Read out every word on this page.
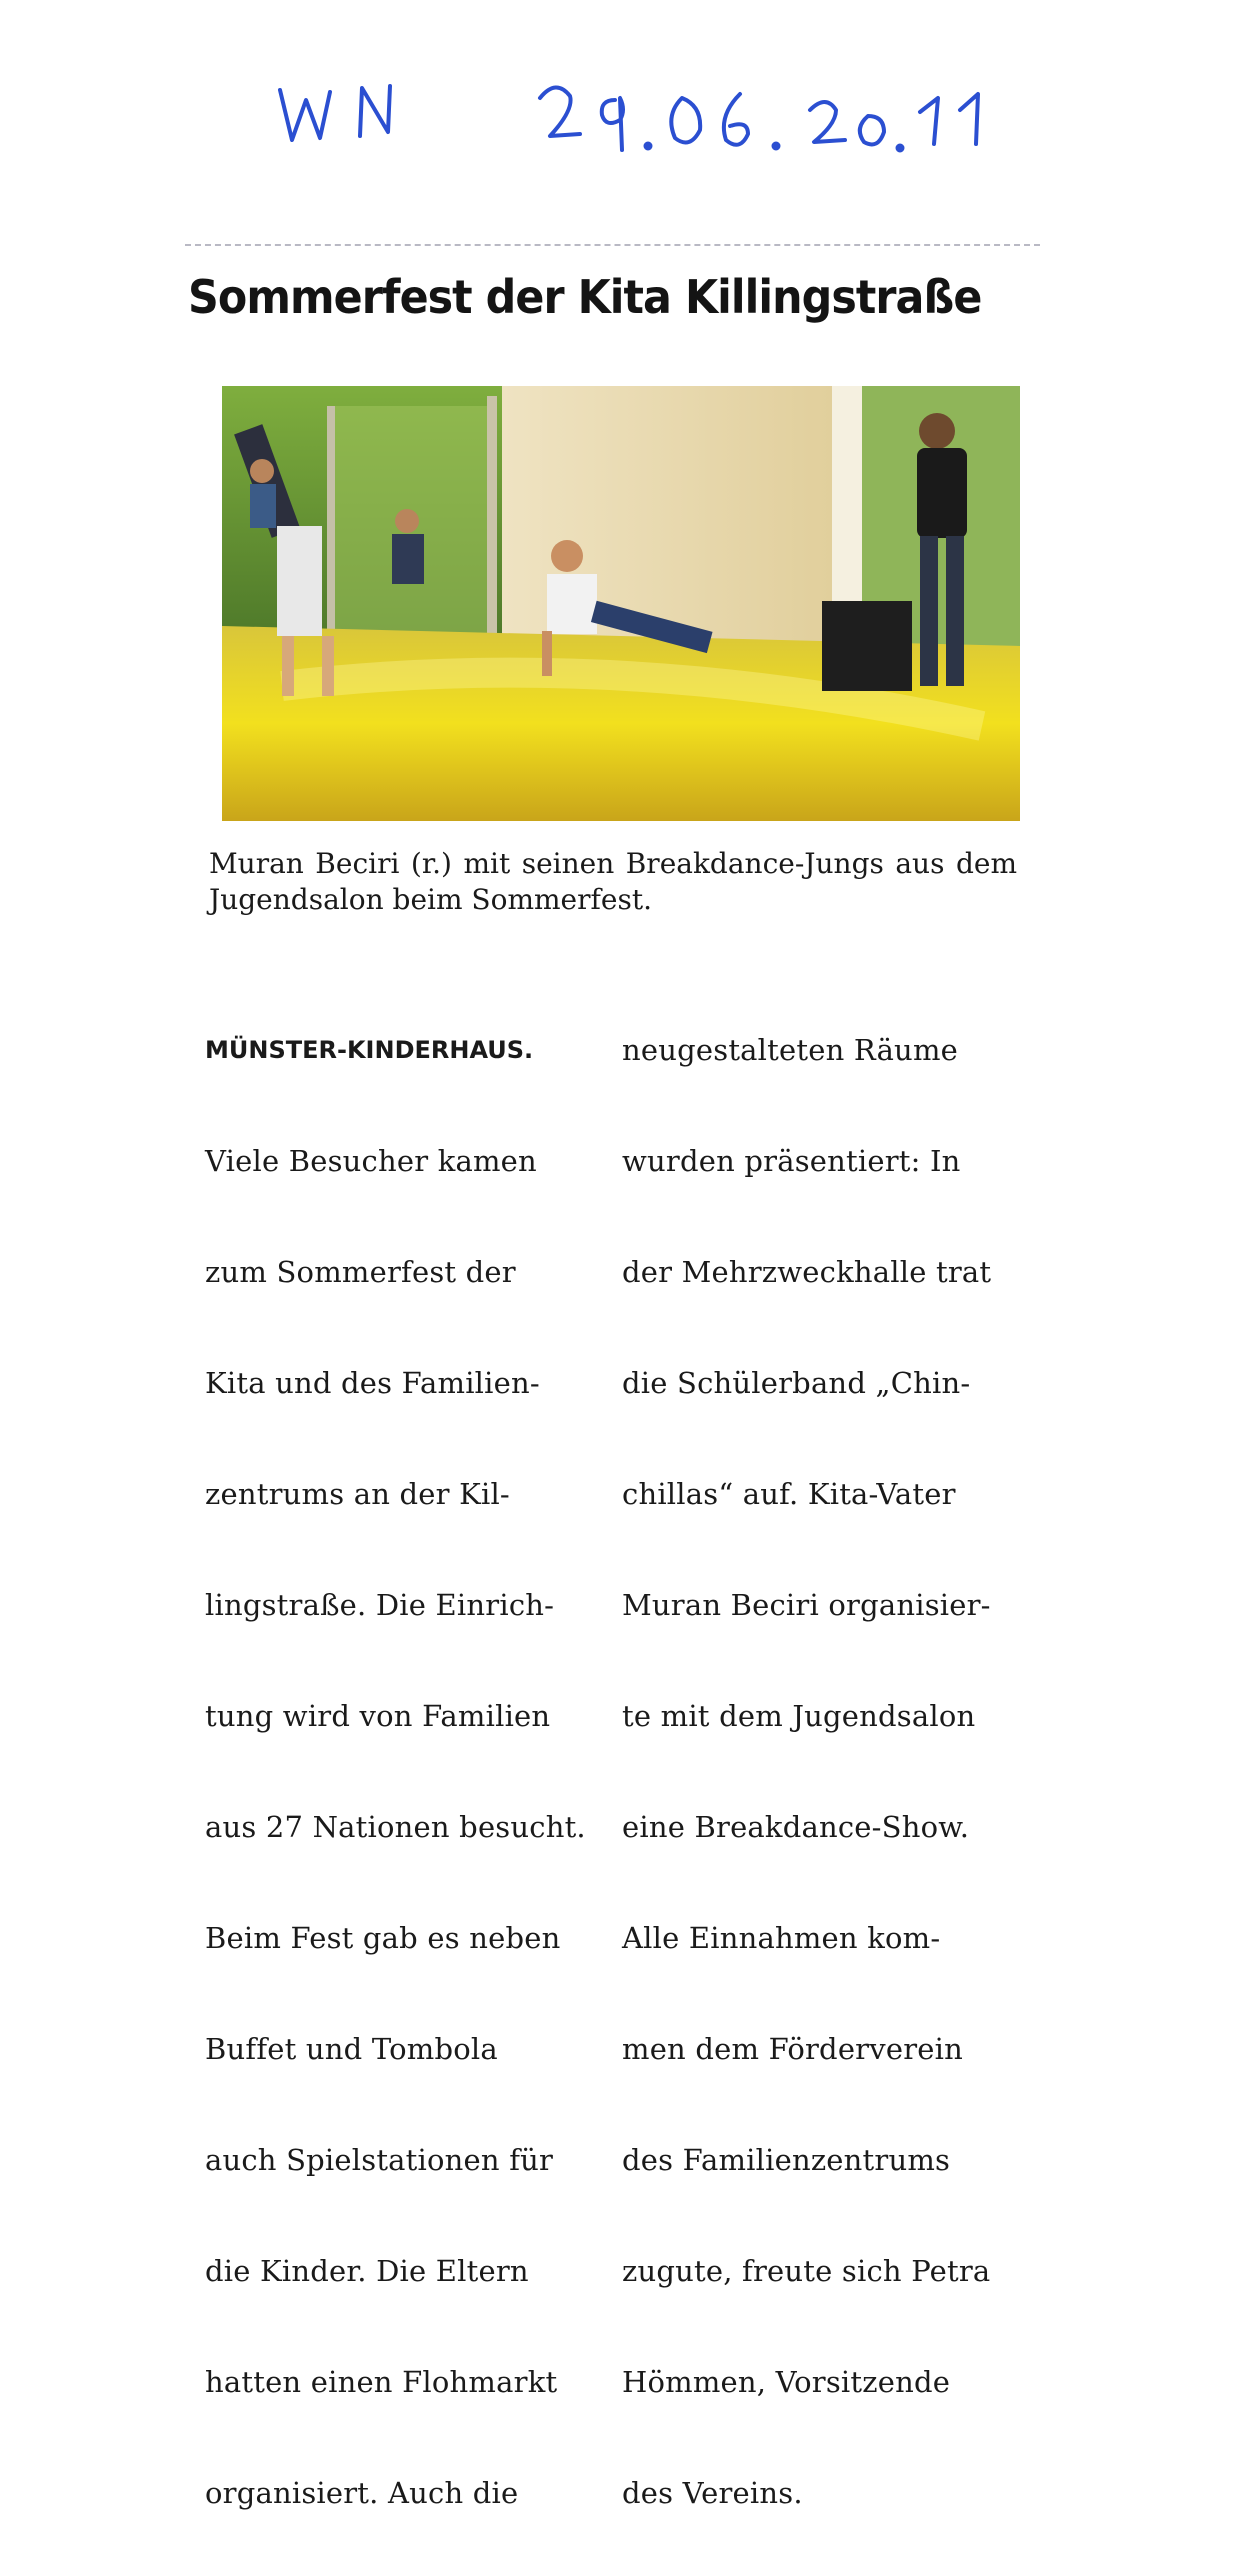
Sommerfest der Kita Killingstraße
Muran Beciri (r.) mit seinen Breakdance-Jungs aus dem Jugendsalon beim Sommerfest.

MÜNSTER-KINDERHAUS.

Viele Besucher kamen

zum Sommerfest der

Kita und des Familien-

zentrums an der Kil-

lingstraße. Die Einrich-

tung wird von Familien

aus 27 Nationen besucht.

Beim Fest gab es neben

Buffet und Tombola

auch Spielstationen für

die Kinder. Die Eltern

hatten einen Flohmarkt

organisiert. Auch die

neugestalteten Räume

wurden präsentiert: In

der Mehrzweckhalle trat

die Schülerband „Chin-

chillas“ auf. Kita-Vater

Muran Beciri organisier-

te mit dem Jugendsalon

eine Breakdance-Show.

Alle Einnahmen kom-

men dem Förderverein

des Familienzentrums

zugute, freute sich Petra

Hömmen, Vorsitzende

des Vereins.
